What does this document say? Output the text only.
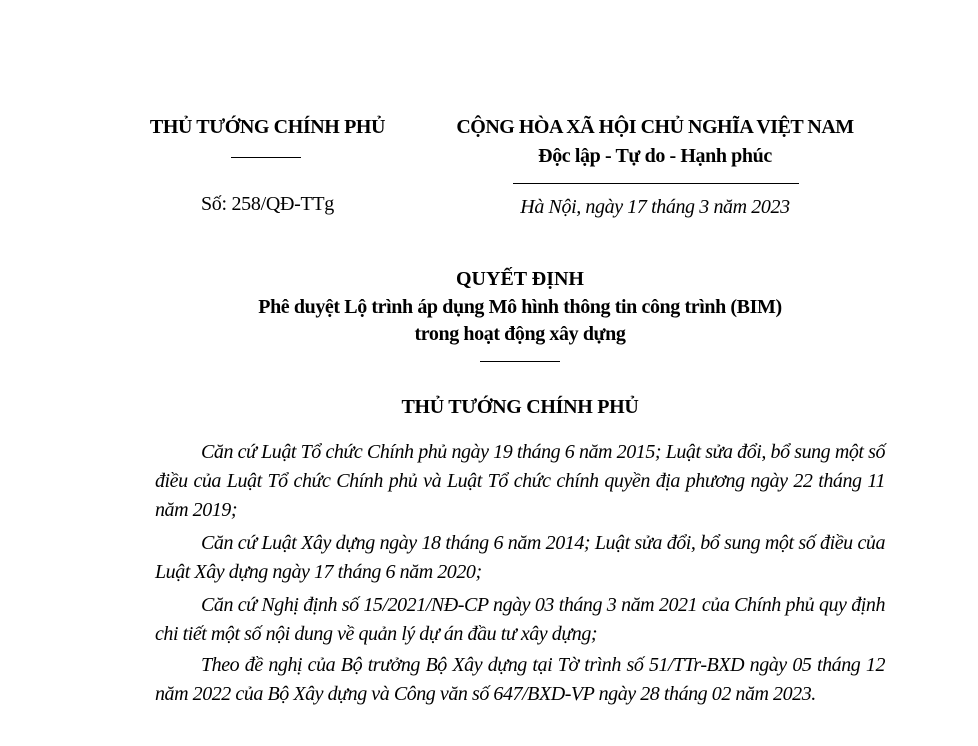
THỦ TƯỚNG CHÍNH PHỦ
Số: 258/QĐ-TTg
CỘNG HÒA XÃ HỘI CHỦ NGHĨA VIỆT NAM
Độc lập - Tự do - Hạnh phúc
Hà Nội, ngày 17 tháng 3 năm 2023
QUYẾT ĐỊNH
Phê duyệt Lộ trình áp dụng Mô hình thông tin công trình (BIM)
trong hoạt động xây dựng
THỦ TƯỚNG CHÍNH PHỦ
Căn cứ Luật Tổ chức Chính phủ ngày 19 tháng 6 năm 2015; Luật sửa đổi, bổ sung một số điều của Luật Tổ chức Chính phủ và Luật Tổ chức chính quyền địa phương ngày 22 tháng 11 năm 2019;
Căn cứ Luật Xây dựng ngày 18 tháng 6 năm 2014; Luật sửa đổi, bổ sung một số điều của Luật Xây dựng ngày 17 tháng 6 năm 2020;
Căn cứ Nghị định số 15/2021/NĐ-CP ngày 03 tháng 3 năm 2021 của Chính phủ quy định chi tiết một số nội dung về quản lý dự án đầu tư xây dựng;
Theo đề nghị của Bộ trưởng Bộ Xây dựng tại Tờ trình số 51/TTr-BXD ngày 05 tháng 12 năm 2022 của Bộ Xây dựng và Công văn số 647/BXD-VP ngày 28 tháng 02 năm 2023.
